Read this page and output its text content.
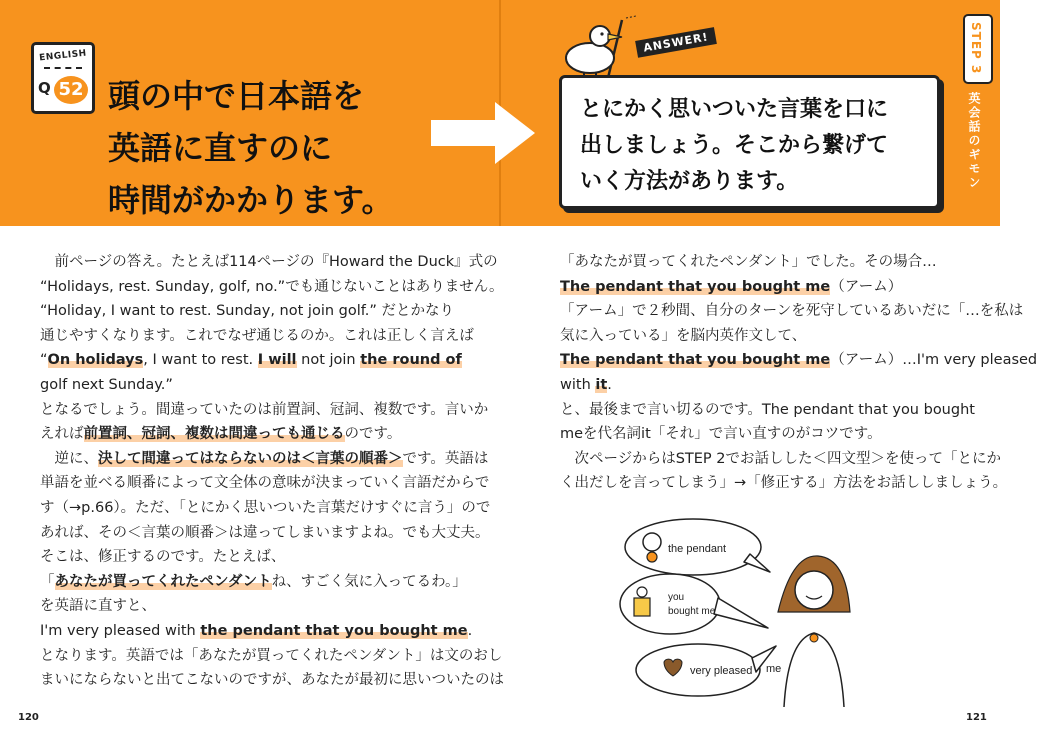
ENGLISH
Q 52 頭の中で日本語を
英語に直すのに
時間がかかります。
ANSWER!
とにかく思いついた言葉を口に
出しましょう。そこから繋げて
いく方法があります。
STEP 3
英会話のギモン
　前ページの答え。たとえば114ページの『Howard the Duck』式の
“Holidays, rest. Sunday, golf, no.”でも通じないことはありません。
“Holiday, I want to rest. Sunday, not join golf.” だとかなり
通じやすくなります。これでなぜ通じるのか。これは正しく言えば
“On holidays, I want to rest. I will not join the round of
golf next Sunday.”
となるでしょう。間違っていたのは前置詞、冠詞、複数です。言いか
えれば前置詞、冠詞、複数は間違っても通じるのです。
　逆に、決して間違ってはならないのは＜言葉の順番＞です。英語は
単語を並べる順番によって文全体の意味が決まっていく言語だからで
す（→p.66）。ただ、「とにかく思いついた言葉だけすぐに言う」ので
あれば、その＜言葉の順番＞は違ってしまいますよね。でも大丈夫。
そこは、修正するのです。たとえば、
「あなたが買ってくれたペンダントね、すごく気に入ってるわ。」
を英語に直すと、
I'm very pleased with the pendant that you bought me.
となります。英語では「あなたが買ってくれたペンダント」は文のおし
まいにならないと出てこないのですが、あなたが最初に思いついたのは
「あなたが買ってくれたペンダント」でした。その場合…
The pendant that you bought me（アーム）
「アーム」で２秒間、自分のターンを死守しているあいだに「…を私は
気に入っている」を脳内英作文して、
The pendant that you bought me（アーム）…I'm very pleased
with it.
と、最後まで言い切るのです。The pendant that you bought
meを代名詞it「それ」で言い直すのがコツです。
　次ページからはSTEP 2でお話しした＜四文型＞を使って「とにか
く出だしを言ってしまう」→「修正する」方法をお話ししましょう。
the pendant
you
bought me
very pleased me
120	121
